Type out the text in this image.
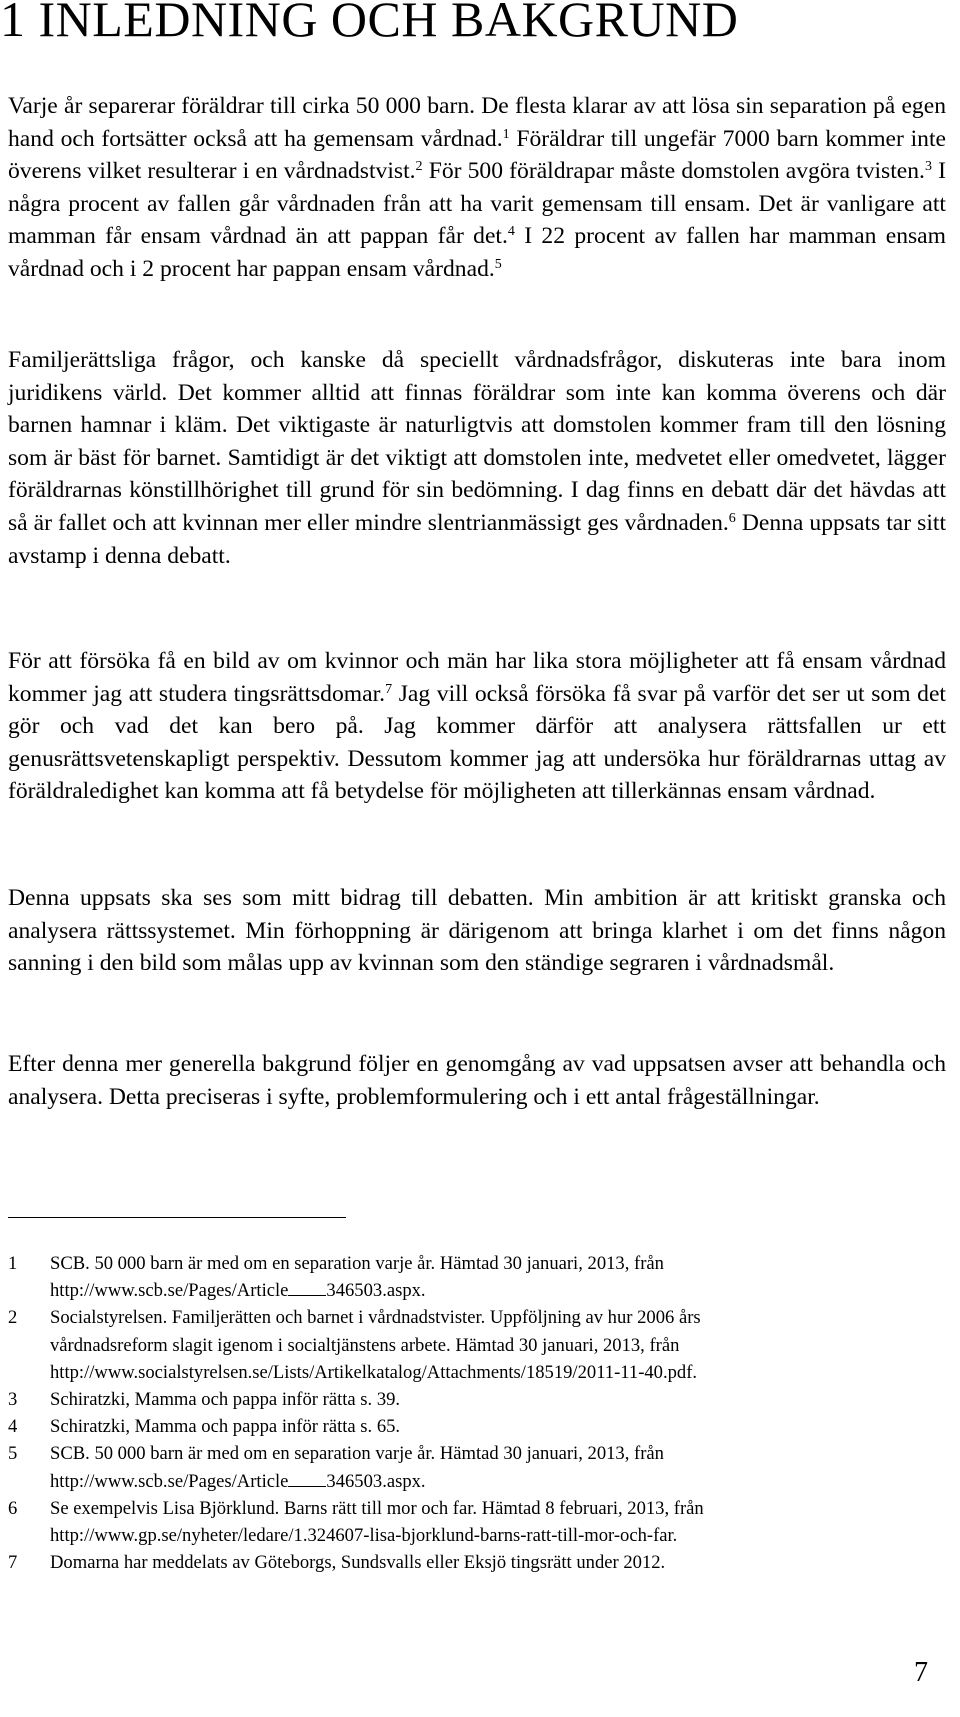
1 INLEDNING OCH BAKGRUND

Varje år separerar föräldrar till cirka 50 000 barn. De flesta klarar av att lösa sin separation på egen hand och fortsätter också att ha gemensam vårdnad.$^1$ Föräldrar till ungefär 7000 barn kommer inte överens vilket resulterar i en vårdnadstvist.$^2$ För 500 föräldrapar måste domstolen avgöra tvisten.$^3$ I några procent av fallen går vårdnaden från att ha varit gemensam till ensam. Det är vanligare att mamman får ensam vårdnad än att pappan får det.$^4$ I 22 procent av fallen har mamman ensam vårdnad och i 2 procent har pappan ensam vårdnad.$^5$

Familjerättsliga frågor, och kanske då speciellt vårdnadsfrågor, diskuteras inte bara inom juridikens värld. Det kommer alltid att finnas föräldrar som inte kan komma överens och där barnen hamnar i kläm. Det viktigaste är naturligtvis att domstolen kommer fram till den lösning som är bäst för barnet. Samtidigt är det viktigt att domstolen inte, medvetet eller omedvetet, lägger föräldrarnas könstillhörighet till grund för sin bedömning. I dag finns en debatt där det hävdas att så är fallet och att kvinnan mer eller mindre slentrianmässigt ges vårdnaden.$^6$ Denna uppsats tar sitt avstamp i denna debatt.

För att försöka få en bild av om kvinnor och män har lika stora möjligheter att få ensam vårdnad kommer jag att studera tingsrättsdomar.$^7$ Jag vill också försöka få svar på varför det ser ut som det gör och vad det kan bero på. Jag kommer därför att analysera rättsfallen ur ett genusrättsvetenskapligt perspektiv. Dessutom kommer jag att undersöka hur föräldrarnas uttag av föräldraledighet kan komma att få betydelse för möjligheten att tillerkännas ensam vårdnad.

Denna uppsats ska ses som mitt bidrag till debatten. Min ambition är att kritiskt granska och analysera rättssystemet. Min förhoppning är därigenom att bringa klarhet i om det finns någon sanning i den bild som målas upp av kvinnan som den ständige segraren i vårdnadsmål.

Efter denna mer generella bakgrund följer en genomgång av vad uppsatsen avser att behandla och analysera. Detta preciseras i syfte, problemformulering och i ett antal frågeställningar.

1	SCB. 50 000 barn är med om en separation varje år. Hämtad 30 januari, 2013, från
http://www.scb.se/Pages/Article 346503.aspx.
2	Socialstyrelsen. Familjerätten och barnet i vårdnadstvister. Uppföljning av hur 2006 års
vårdnadsreform slagit igenom i socialtjänstens arbete. Hämtad 30 januari, 2013, från
http://www.socialstyrelsen.se/Lists/Artikelkatalog/Attachments/18519/2011-11-40.pdf.
3	Schiratzki, Mamma och pappa inför rätta s. 39.
4	Schiratzki, Mamma och pappa inför rätta s. 65.
5	SCB. 50 000 barn är med om en separation varje år. Hämtad 30 januari, 2013, från
http://www.scb.se/Pages/Article 346503.aspx.
6	Se exempelvis Lisa Björklund. Barns rätt till mor och far. Hämtad 8 februari, 2013, från
http://www.gp.se/nyheter/ledare/1.324607-lisa-bjorklund-barns-ratt-till-mor-och-far.
7	Domarna har meddelats av Göteborgs, Sundsvalls eller Eksjö tingsrätt under 2012.
7
